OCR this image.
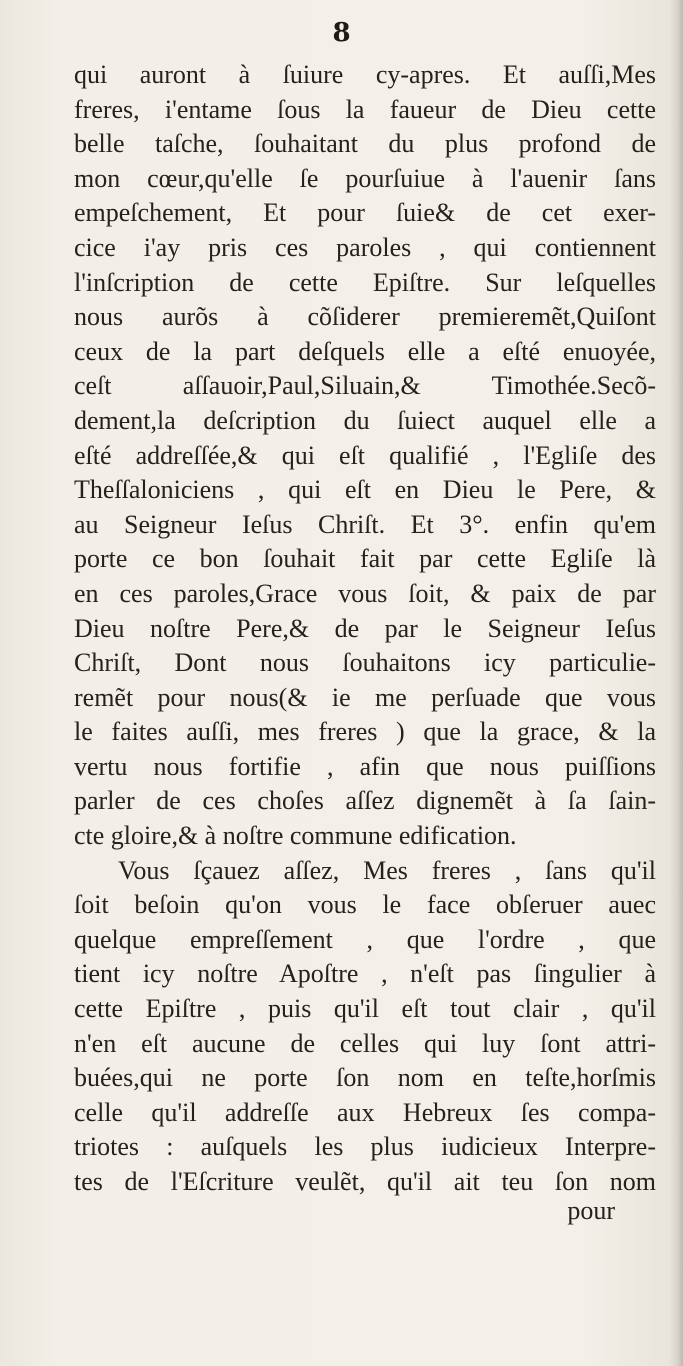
8
qui auront à ſuiure cy-apres. Et auſſi,Mes
freres, i'entame ſous la faueur de Dieu cette
belle taſche, ſouhaitant du plus profond de
mon cœur,qu'elle ſe pourſuiue à l'auenir ſans
empeſchement, Et pour ſuie& de cet exer-
cice i'ay pris ces paroles , qui contiennent
l'inſcription de cette Epiſtre. Sur leſquelles
nous aurõs à cõſiderer premieremẽt,Quiſont
ceux de la part deſquels elle a eſté enuoyée,
ceſt aſſauoir,Paul,Siluain,& Timothée.Secõ-
dement,la deſcription du ſuiect auquel elle a
eſté addreſſée,& qui eſt qualifié , l'Egliſe des
Theſſaloniciens , qui eſt en Dieu le Pere, &
au Seigneur Ieſus Chriſt. Et 3°. enfin qu'em
porte ce bon ſouhait fait par cette Egliſe là
en ces paroles,Grace vous ſoit, & paix de par
Dieu noſtre Pere,& de par le Seigneur Ieſus
Chriſt, Dont nous ſouhaitons icy particulie-
remẽt pour nous(& ie me perſuade que vous
le faites auſſi, mes freres ) que la grace, & la
vertu nous fortifie , afin que nous puiſſions
parler de ces choſes aſſez dignemẽt à ſa ſain-
cte gloire,& à noſtre commune edification.
Vous ſçauez aſſez, Mes freres , ſans qu'il
ſoit beſoin qu'on vous le face obſeruer auec
quelque empreſſement , que l'ordre , que
tient icy noſtre Apoſtre , n'eſt pas ſingulier à
cette Epiſtre , puis qu'il eſt tout clair , qu'il
n'en eſt aucune de celles qui luy ſont attri-
buées,qui ne porte ſon nom en teſte,horſmis
celle qu'il addreſſe aux Hebreux ſes compa-
triotes : auſquels les plus iudicieux Interpre-
tes de l'Eſcriture veulẽt, qu'il ait teu ſon nom
pour
